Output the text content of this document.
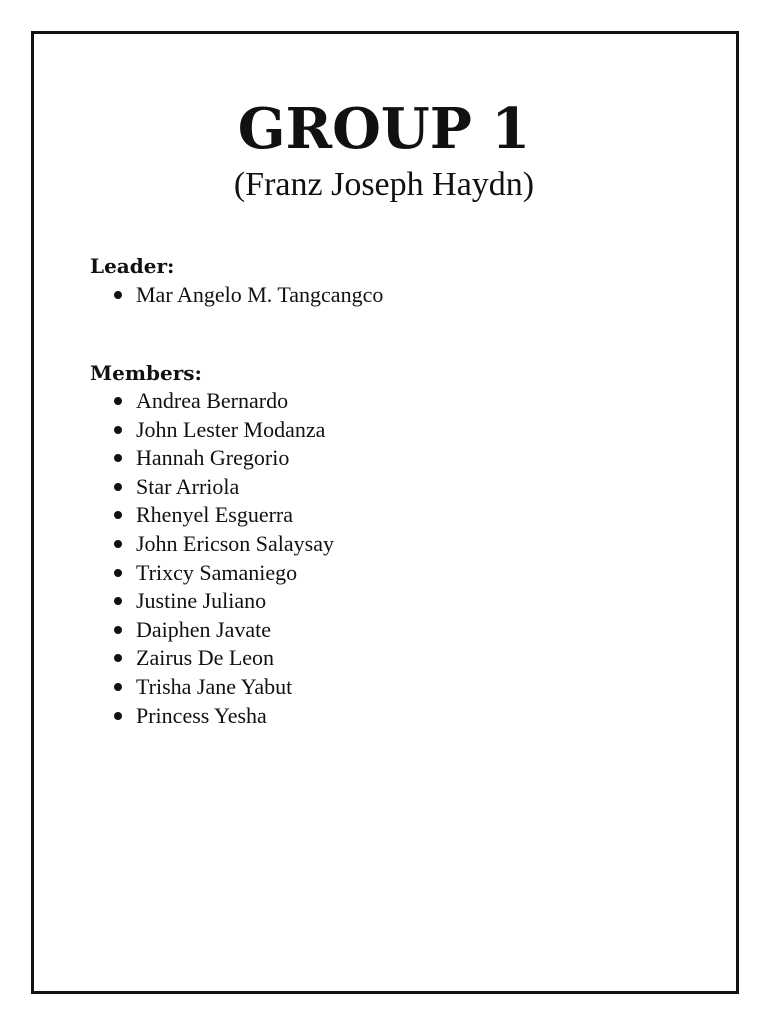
GROUP 1

(Franz Joseph Haydn)

Leader:

Mar Angelo M. Tangcangco

Members:

Andrea Bernardo
John Lester Modanza
Hannah Gregorio
Star Arriola
Rhenyel Esguerra
John Ericson Salaysay
Trixcy Samaniego
Justine Juliano
Daiphen Javate
Zairus De Leon
Trisha Jane Yabut
Princess Yesha
